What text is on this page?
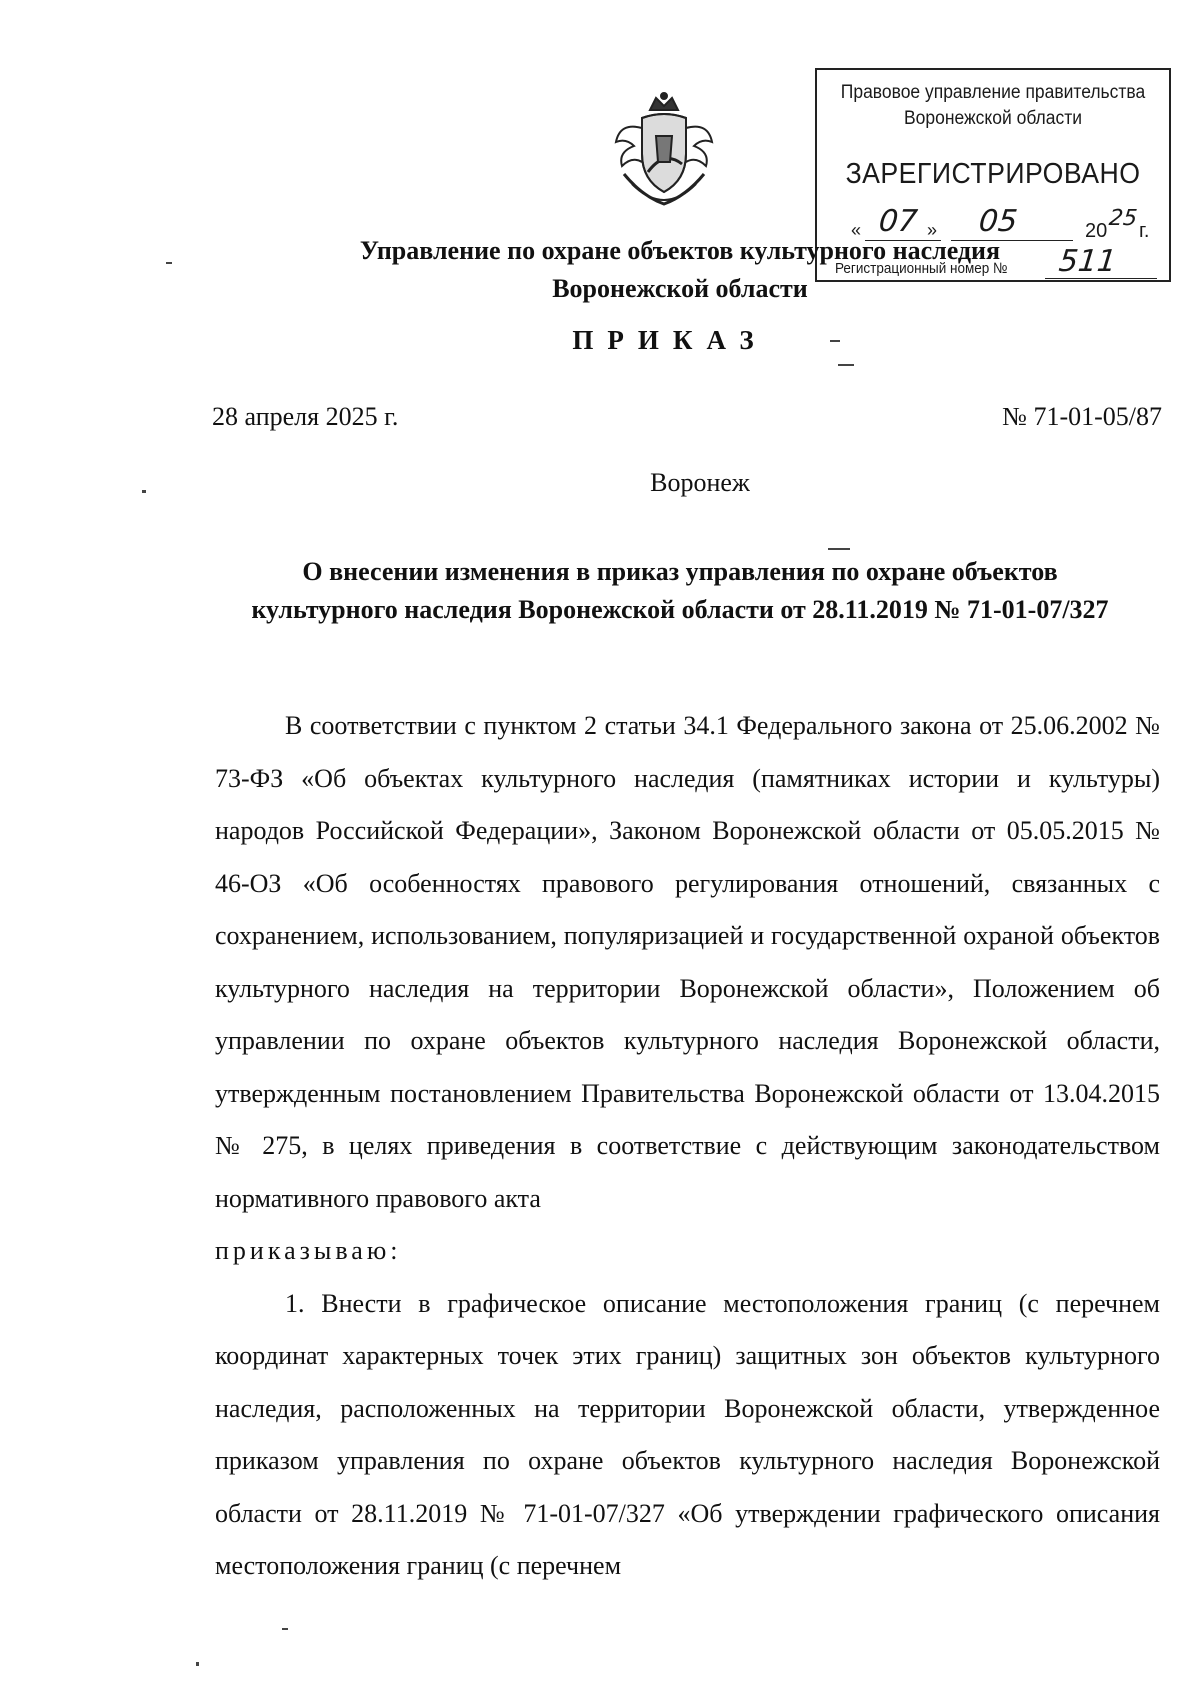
Правовое управление правительства
Воронежской области
ЗАРЕГИСТРИРОВАНО
« 07 » 05	20 25 г.
Регистрационный номер № 511
Управление по охране объектов культурного наследия
Воронежской области
ПРИКАЗ
28 апреля 2025 г.	№ 71-01-05/87
Воронеж
О внесении изменения в приказ управления по охране объектов
культурного наследия Воронежской области от 28.11.2019 № 71-01-07/327

В соответствии с пунктом 2 статьи 34.1 Федерального закона от 25.06.2002 № 73-ФЗ «Об объектах культурного наследия (памятниках истории и культуры) народов Российской Федерации», Законом Воронежской области от 05.05.2015 № 46-ОЗ «Об особенностях правового регулирования отношений, связанных с сохранением, использованием, популяризацией и государственной охраной объектов культурного наследия на территории Воронежской области», Положением об управлении по охране объектов культурного наследия Воронежской области, утвержденным постановлением Правительства Воронежской области от 13.04.2015 № 275, в целях приведения в соответствие с действующим законодательством нормативного правового акта

приказываю:

1. Внести в графическое описание местоположения границ (с перечнем координат характерных точек этих границ) защитных зон объектов культурного наследия, расположенных на территории Воронежской области, утвержденное приказом управления по охране объектов культурного наследия Воронежской области от 28.11.2019 № 71-01-07/327 «Об утверждении графического описания местоположения границ (с перечнем
